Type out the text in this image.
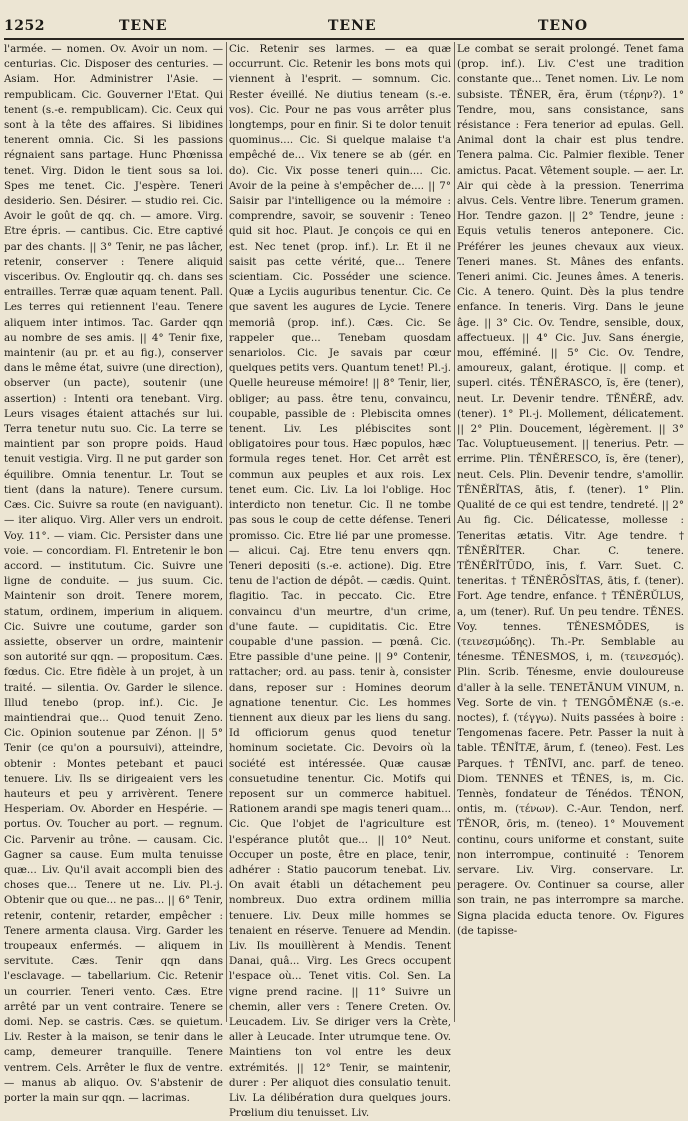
1252	TENE	TENE	TENO

l'armée. — nomen. Ov. Avoir un nom. — centurias. Cic. Disposer des centuries. — Asiam. Hor. Administrer l'Asie. — rempublicam. Cic. Gouverner l'Etat. Qui tenent (s.-e. rempublicam). Cic. Ceux qui sont à la tête des affaires. Si libidines tenerent omnia. Cic. Si les passions régnaient sans partage. Hunc Phœnissa tenet. Virg. Didon le tient sous sa loi. Spes me tenet. Cic. J'espère. Teneri desiderio. Sen. Désirer. — studio rei. Cic. Avoir le goût de qq. ch. — amore. Virg. Etre épris. — cantibus. Cic. Etre captivé par des chants. || 3° Tenir, ne pas lâcher, retenir, conserver : Tenere aliquid visceribus. Ov. Engloutir qq. ch. dans ses entrailles. Terræ quæ aquam tenent. Pall. Les terres qui retiennent l'eau. Tenere aliquem inter intimos. Tac. Garder qqn au nombre de ses amis. || 4° Tenir fixe, maintenir (au pr. et au fig.), conserver dans le même état, suivre (une direction), observer (un pacte), soutenir (une assertion) : Intenti ora tenebant. Virg. Leurs visages étaient attachés sur lui. Terra tenetur nutu suo. Cic. La terre se maintient par son propre poids. Haud tenuit vestigia. Virg. Il ne put garder son équilibre. Omnia tenentur. Lr. Tout se tient (dans la nature). Tenere cursum. Cæs. Cic. Suivre sa route (en naviguant). — iter aliquo. Virg. Aller vers un endroit. Voy. 11°. — viam. Cic. Persister dans une voie. — concordiam. Fl. Entretenir le bon accord. — institutum. Cic. Suivre une ligne de conduite. — jus suum. Cic. Maintenir son droit. Tenere morem, statum, ordinem, imperium in aliquem. Cic. Suivre une coutume, garder son assiette, observer un ordre, maintenir son autorité sur qqn. — propositum. Cæs. fœdus. Cic. Etre fidèle à un projet, à un traité. — silentia. Ov. Garder le silence. Illud tenebo (prop. inf.). Cic. Je maintiendrai que... Quod tenuit Zeno. Cic. Opinion soutenue par Zénon. || 5° Tenir (ce qu'on a poursuivi), atteindre, obtenir : Montes petebant et pauci tenuere. Liv. Ils se dirigeaient vers les hauteurs et peu y arrivèrent. Tenere Hesperiam. Ov. Aborder en Hespérie. — portus. Ov. Toucher au port. — regnum. Cic. Parvenir au trône. — causam. Cic. Gagner sa cause. Eum multa tenuisse quæ... Liv. Qu'il avait accompli bien des choses que... Tenere ut ne. Liv. Pl.-j. Obtenir que ou que... ne pas... || 6° Tenir, retenir, contenir, retarder, empêcher : Tenere armenta clausa. Virg. Garder les troupeaux enfermés. — aliquem in servitute. Cæs. Tenir qqn dans l'esclavage. — tabellarium. Cic. Retenir un courrier. Teneri vento. Cæs. Etre arrêté par un vent contraire. Tenere se domi. Nep. se castris. Cæs. se quietum. Liv. Rester à la maison, se tenir dans le camp, demeurer tranquille. Tenere ventrem. Cels. Arrêter le flux de ventre. — manus ab aliquo. Ov. S'abstenir de porter la main sur qqn. — lacrimas.

Cic. Retenir ses larmes. — ea quæ occurrunt. Cic. Retenir les bons mots qui viennent à l'esprit. — somnum. Cic. Rester éveillé. Ne diutius teneam (s.-e. vos). Cic. Pour ne pas vous arrêter plus longtemps, pour en finir. Si te dolor tenuit quominus.... Cic. Si quelque malaise t'a empêché de... Vix tenere se ab (gér. en do). Cic. Vix posse teneri quin.... Cic. Avoir de la peine à s'empêcher de.... || 7° Saisir par l'intelligence ou la mémoire : comprendre, savoir, se souvenir : Teneo quid sit hoc. Plaut. Je conçois ce qui en est. Nec tenet (prop. inf.). Lr. Et il ne saisit pas cette vérité, que... Tenere scientiam. Cic. Posséder une science. Quæ a Lyciis auguribus tenentur. Cic. Ce que savent les augures de Lycie. Tenere memoriâ (prop. inf.). Cæs. Cic. Se rappeler que... Tenebam quosdam senariolos. Cic. Je savais par cœur quelques petits vers. Quantum tenet! Pl.-j. Quelle heureuse mémoire! || 8° Tenir, lier, obliger; au pass. être tenu, convaincu, coupable, passible de : Plebiscita omnes tenent. Liv. Les plébiscites sont obligatoires pour tous. Hæc populos, hæc formula reges tenet. Hor. Cet arrêt est commun aux peuples et aux rois. Lex tenet eum. Cic. Liv. La loi l'oblige. Hoc interdicto non tenetur. Cic. Il ne tombe pas sous le coup de cette défense. Teneri promisso. Cic. Etre lié par une promesse. — alicui. Caj. Etre tenu envers qqn. Teneri depositi (s.-e. actione). Dig. Etre tenu de l'action de dépôt. — cædis. Quint. flagitio. Tac. in peccato. Cic. Etre convaincu d'un meurtre, d'un crime, d'une faute. — cupiditatis. Cic. Etre coupable d'une passion. — pœnâ. Cic. Etre passible d'une peine. || 9° Contenir, rattacher; ord. au pass. tenir à, consister dans, reposer sur : Homines deorum agnatione tenentur. Cic. Les hommes tiennent aux dieux par les liens du sang. Id officiorum genus quod tenetur hominum societate. Cic. Devoirs où la société est intéressée. Quæ causæ consuetudine tenentur. Cic. Motifs qui reposent sur un commerce habituel. Rationem arandi spe magis teneri quam... Cic. Que l'objet de l'agriculture est l'espérance plutôt que... || 10° Neut. Occuper un poste, être en place, tenir, adhérer : Statio paucorum tenebat. Liv. On avait établi un détachement peu nombreux. Duo extra ordinem millia tenuere. Liv. Deux mille hommes se tenaient en réserve. Tenuere ad Mendin. Liv. Ils mouillèrent à Mendis. Tenent Danai, quâ... Virg. Les Grecs occupent l'espace où... Tenet vitis. Col. Sen. La vigne prend racine. || 11° Suivre un chemin, aller vers : Tenere Creten. Ov. Leucadem. Liv. Se diriger vers la Crète, aller à Leucade. Inter utrumque tene. Ov. Maintiens ton vol entre les deux extrémités. || 12° Tenir, se maintenir, durer : Per aliquot dies consulatio tenuit. Liv. La délibération dura quelques jours. Prœlium diu tenuisset. Liv.

Le combat se serait prolongé. Tenet fama (prop. inf.). Liv. C'est une tradition constante que... Tenet nomen. Liv. Le nom subsiste. TĔNER, ĕra, ĕrum (τέρην?). 1° Tendre, mou, sans consistance, sans résistance : Fera tenerior ad epulas. Gell. Animal dont la chair est plus tendre. Tenera palma. Cic. Palmier flexible. Tener amictus. Pacat. Vêtement souple. — aer. Lr. Air qui cède à la pression. Tenerrima alvus. Cels. Ventre libre. Tenerum gramen. Hor. Tendre gazon. || 2° Tendre, jeune : Equis vetulis teneros anteponere. Cic. Préférer les jeunes chevaux aux vieux. Teneri manes. St. Mânes des enfants. Teneri animi. Cic. Jeunes âmes. A teneris. Cic. A tenero. Quint. Dès la plus tendre enfance. In teneris. Virg. Dans le jeune âge. || 3° Cic. Ov. Tendre, sensible, doux, affectueux. || 4° Cic. Juv. Sans énergie, mou, efféminé. || 5° Cic. Ov. Tendre, amoureux, galant, érotique. || comp. et superl. cités. TĔNĔRASCO, ĭs, ĕre (tener), neut. Lr. Devenir tendre. TĔNĔRĒ, adv. (tener). 1° Pl.-j. Mollement, délicatement. || 2° Plin. Doucement, légèrement. || 3° Tac. Voluptueusement. || tenerius. Petr. — errime. Plin. TĔNĔRESCO, ĭs, ĕre (tener), neut. Cels. Plin. Devenir tendre, s'amollir. TĔNĔRĬTAS, ātis, f. (tener). 1° Plin. Qualité de ce qui est tendre, tendreté. || 2° Au fig. Cic. Délicatesse, mollesse : Teneritas ætatis. Vitr. Age tendre. † TĔNĔRĬTER. Char. C. tenere. TĔNĔRĬTŪDO, ĭnis, f. Varr. Suet. C. teneritas. † TĔNĔRŌSĬTAS, ātis, f. (tener). Fort. Age tendre, enfance. † TĔNĔRŬLUS, a, um (tener). Ruf. Un peu tendre. TĔNES. Voy. tennes. TĔNESMŌDES, is (τεινεσμώδης). Th.-Pr. Semblable au ténesme. TĔNESMOS, i, m. (τεινεσμός). Plin. Scrib. Ténesme, envie douloureuse d'aller à la selle. TENETĀNUM VINUM, n. Veg. Sorte de vin. † TENGŌMĔNÆ (s.-e. noctes), f. (τέγγω). Nuits passées à boire : Tengomenas facere. Petr. Passer la nuit à table. TĒNĬTÆ, ārum, f. (teneo). Fest. Les Parques. † TĒNĪVI, anc. parf. de teneo. Diom. TENNES et TĒNES, is, m. Cic. Tennès, fondateur de Ténédos. TĔNON, ontis, m. (τένων). C.-Aur. Tendon, nerf. TĔNOR, ōris, m. (teneo). 1° Mouvement continu, cours uniforme et constant, suite non interrompue, continuité : Tenorem servare. Liv. Virg. conservare. Lr. peragere. Ov. Continuer sa course, aller son train, ne pas interrompre sa marche. Signa placida educta tenore. Ov. Figures (de tapisse-
